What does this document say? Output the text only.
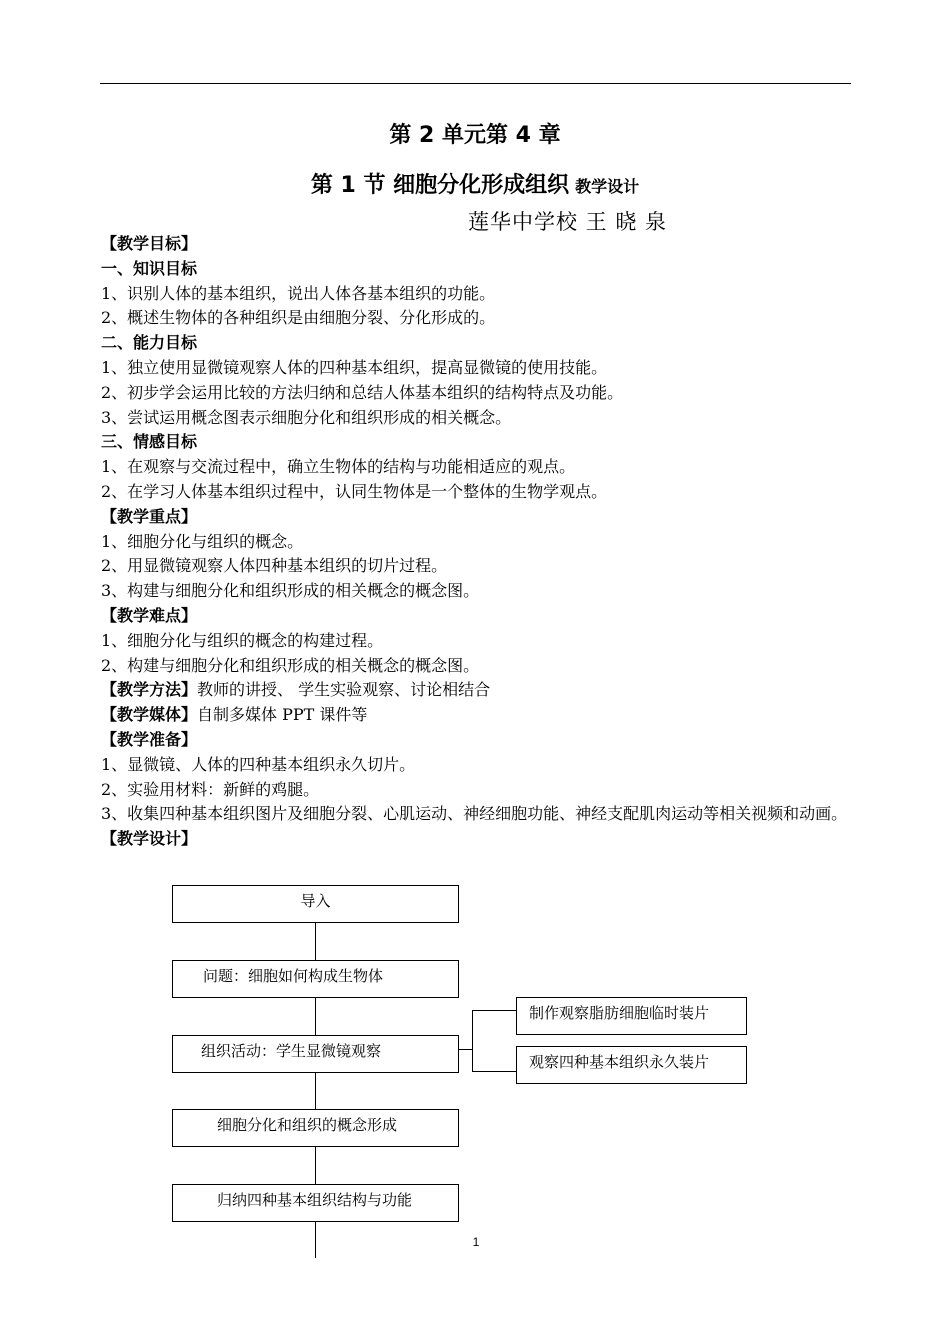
第 2 单元第 4 章
第 1 节 细胞分化形成组织 教学设计
莲华中学校 王 晓 泉
【教学目标】
一、知识目标
1、识别人体的基本组织，说出人体各基本组织的功能。
2、概述生物体的各种组织是由细胞分裂、分化形成的。
二、能力目标
1、独立使用显微镜观察人体的四种基本组织，提高显微镜的使用技能。
2、初步学会运用比较的方法归纳和总结人体基本组织的结构特点及功能。
3、尝试运用概念图表示细胞分化和组织形成的相关概念。
三、情感目标
1、在观察与交流过程中，确立生物体的结构与功能相适应的观点。
2、在学习人体基本组织过程中，认同生物体是一个整体的生物学观点。
【教学重点】
1、细胞分化与组织的概念。
2、用显微镜观察人体四种基本组织的切片过程。
3、构建与细胞分化和组织形成的相关概念的概念图。
【教学难点】
1、细胞分化与组织的概念的构建过程。
2、构建与细胞分化和组织形成的相关概念的概念图。
【教学方法】教师的讲授、 学生实验观察、讨论相结合
【教学媒体】自制多媒体 PPT 课件等
【教学准备】
1、显微镜、人体的四种基本组织永久切片。
2、实验用材料：新鲜的鸡腿。
3、收集四种基本组织图片及细胞分裂、心肌运动、神经细胞功能、神经支配肌肉运动等相关视频和动画。
【教学设计】
导入
问题：细胞如何构成生物体
组织活动：学生显微镜观察
细胞分化和组织的概念形成
归纳四种基本组织结构与功能
制作观察脂肪细胞临时装片
观察四种基本组织永久装片
1
